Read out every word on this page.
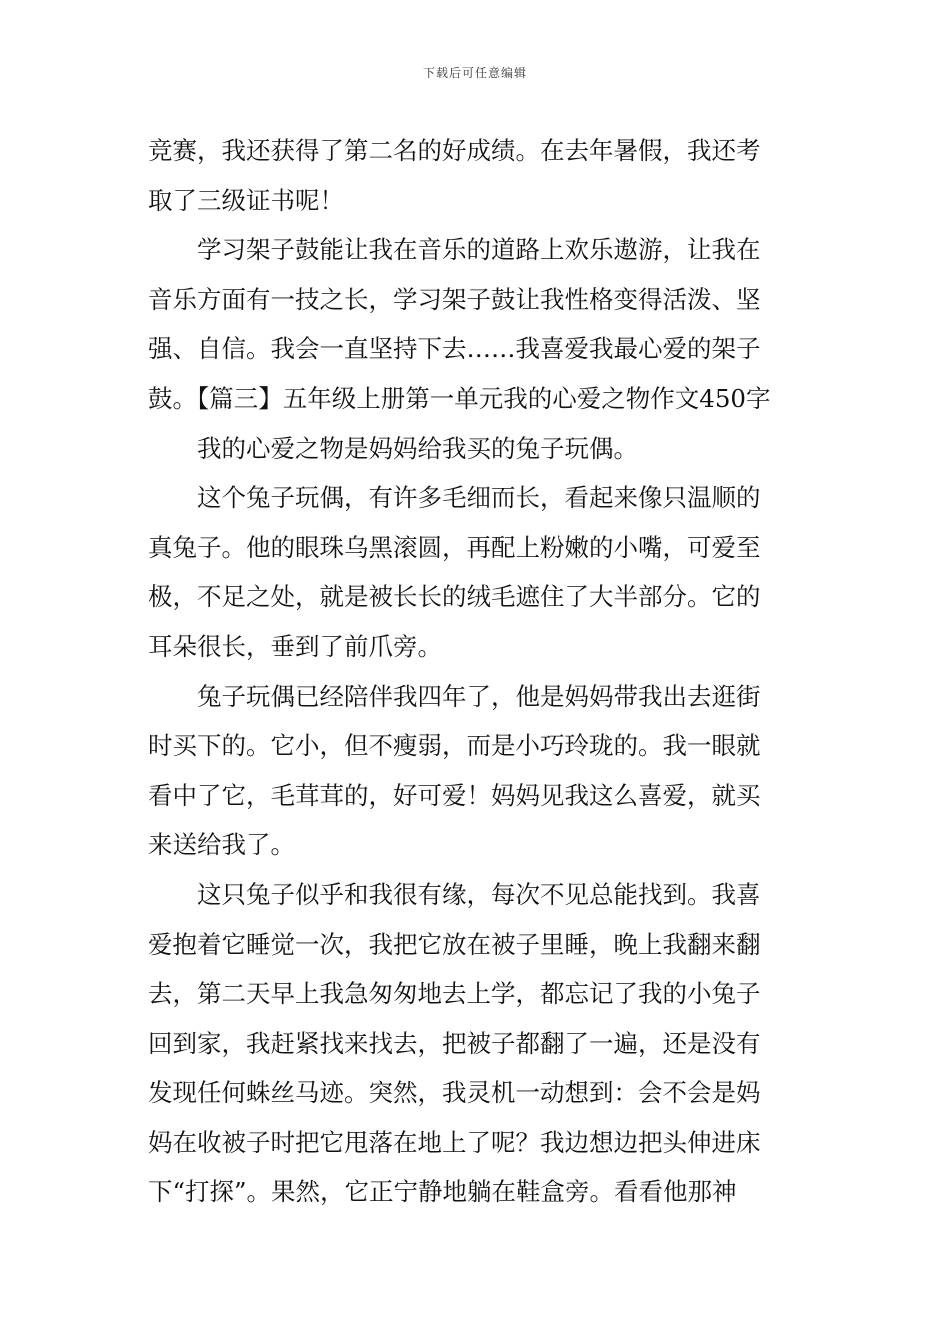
下载后可任意编辑
竞赛，我还获得了第二名的好成绩。在去年暑假，我还考
取了三级证书呢！
学习架子鼓能让我在音乐的道路上欢乐遨游，让我在
音乐方面有一技之长，学习架子鼓让我性格变得活泼、坚
强、自信。我会一直坚持下去……我喜爱我最心爱的架子
鼓。【篇三】五年级上册第一单元我的心爱之物作文450字
我的心爱之物是妈妈给我买的兔子玩偶。
这个兔子玩偶，有许多毛细而长，看起来像只温顺的
真兔子。他的眼珠乌黑滚圆，再配上粉嫩的小嘴，可爱至
极，不足之处，就是被长长的绒毛遮住了大半部分。它的
耳朵很长，垂到了前爪旁。
兔子玩偶已经陪伴我四年了，他是妈妈带我出去逛街
时买下的。它小，但不瘦弱，而是小巧玲珑的。我一眼就
看中了它，毛茸茸的，好可爱！妈妈见我这么喜爱，就买
来送给我了。
这只兔子似乎和我很有缘，每次不见总能找到。我喜
爱抱着它睡觉一次，我把它放在被子里睡，晚上我翻来翻
去，第二天早上我急匆匆地去上学，都忘记了我的小兔子
回到家，我赶紧找来找去，把被子都翻了一遍，还是没有
发现任何蛛丝马迹。突然，我灵机一动想到：会不会是妈
妈在收被子时把它甩落在地上了呢？我边想边把头伸进床
下“打探”。果然，它正宁静地躺在鞋盒旁。看看他那神
